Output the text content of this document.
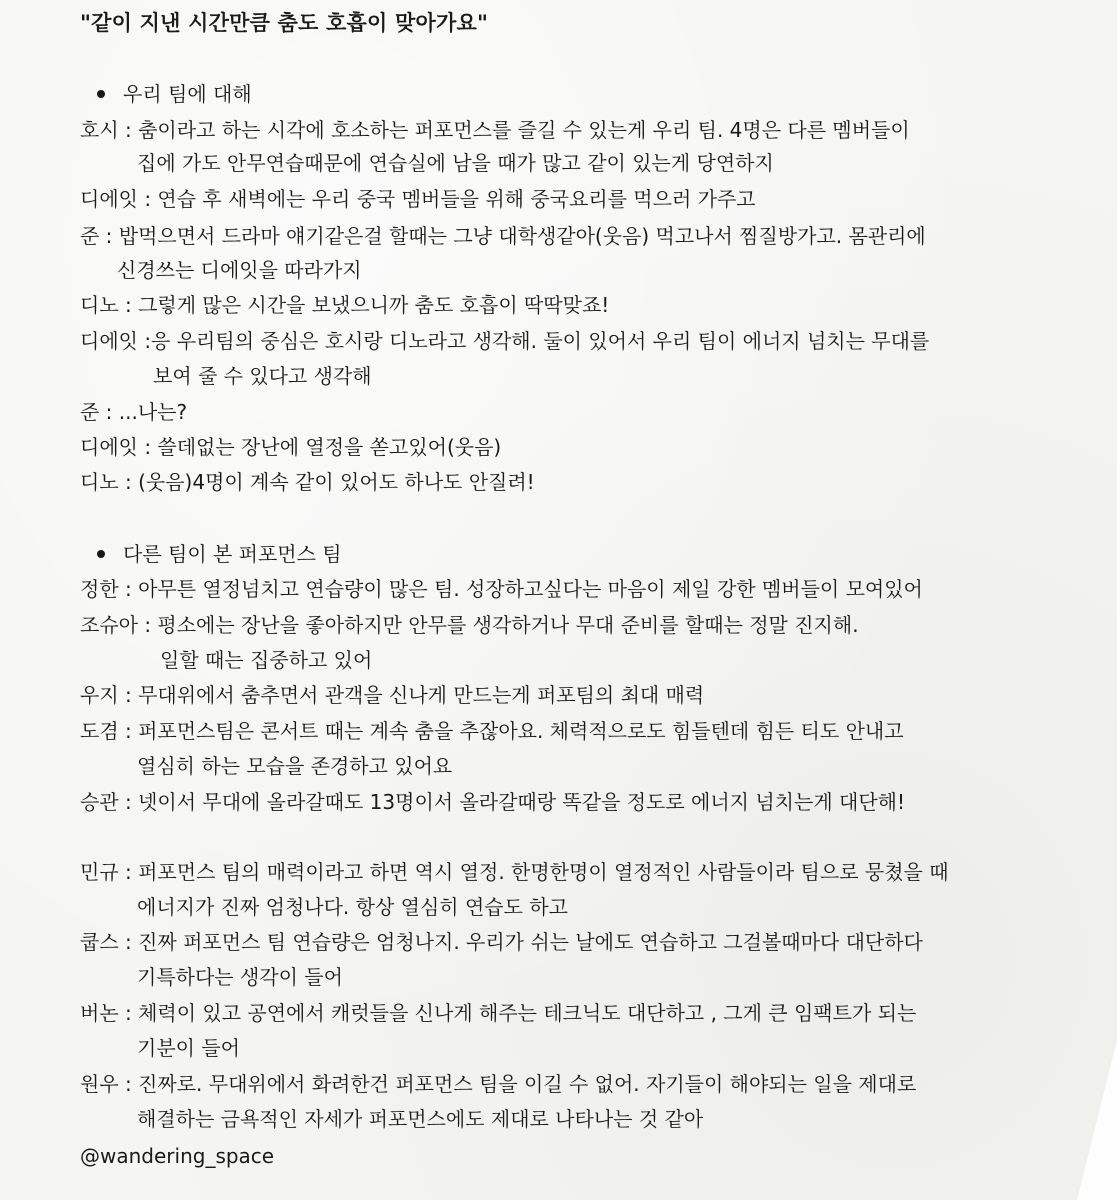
"같이 지낸 시간만큼 춤도 호흡이 맞아가요"
우리 팀에 대해
호시 : 춤이라고 하는 시각에 호소하는 퍼포먼스를 즐길 수 있는게 우리 팀. 4명은 다른 멤버들이
집에 가도 안무연습때문에 연습실에 남을 때가 많고 같이 있는게 당연하지
디에잇 : 연습 후 새벽에는 우리 중국 멤버들을 위해 중국요리를 먹으러 가주고
준 : 밥먹으면서 드라마 얘기같은걸 할때는 그냥 대학생같아(웃음) 먹고나서 찜질방가고. 몸관리에
신경쓰는 디에잇을 따라가지
디노 : 그렇게 많은 시간을 보냈으니까 춤도 호흡이 딱딱맞죠!
디에잇 :응 우리팀의 중심은 호시랑 디노라고 생각해. 둘이 있어서 우리 팀이 에너지 넘치는 무대를
보여 줄 수 있다고 생각해
준 : ...나는?
디에잇 : 쓸데없는 장난에 열정을 쏟고있어(웃음)
디노 : (웃음)4명이 계속 같이 있어도 하나도 안질려!
다른 팀이 본 퍼포먼스 팀
정한 : 아무튼 열정넘치고 연습량이 많은 팀. 성장하고싶다는 마음이 제일 강한 멤버들이 모여있어
조슈아 : 평소에는 장난을 좋아하지만 안무를 생각하거나 무대 준비를 할때는 정말 진지해.
일할 때는 집중하고 있어
우지 : 무대위에서 춤추면서 관객을 신나게 만드는게 퍼포팀의 최대 매력
도겸 : 퍼포먼스팀은 콘서트 때는 계속 춤을 추잖아요. 체력적으로도 힘들텐데 힘든 티도 안내고
열심히 하는 모습을 존경하고 있어요
승관 : 넷이서 무대에 올라갈때도 13명이서 올라갈때랑 똑같을 정도로 에너지 넘치는게 대단해!
민규 : 퍼포먼스 팀의 매력이라고 하면 역시 열정. 한명한명이 열정적인 사람들이라 팀으로 뭉쳤을 때
에너지가 진짜 엄청나다. 항상 열심히 연습도 하고
쿱스 : 진짜 퍼포먼스 팀 연습량은 엄청나지. 우리가 쉬는 날에도 연습하고 그걸볼때마다 대단하다
기특하다는 생각이 들어
버논 : 체력이 있고 공연에서 캐럿들을 신나게 해주는 테크닉도 대단하고 , 그게 큰 임팩트가 되는
기분이 들어
원우 : 진짜로. 무대위에서 화려한건 퍼포먼스 팀을 이길 수 없어. 자기들이 해야되는 일을 제대로
해결하는 금욕적인 자세가 퍼포먼스에도 제대로 나타나는 것 같아
@wandering_space
